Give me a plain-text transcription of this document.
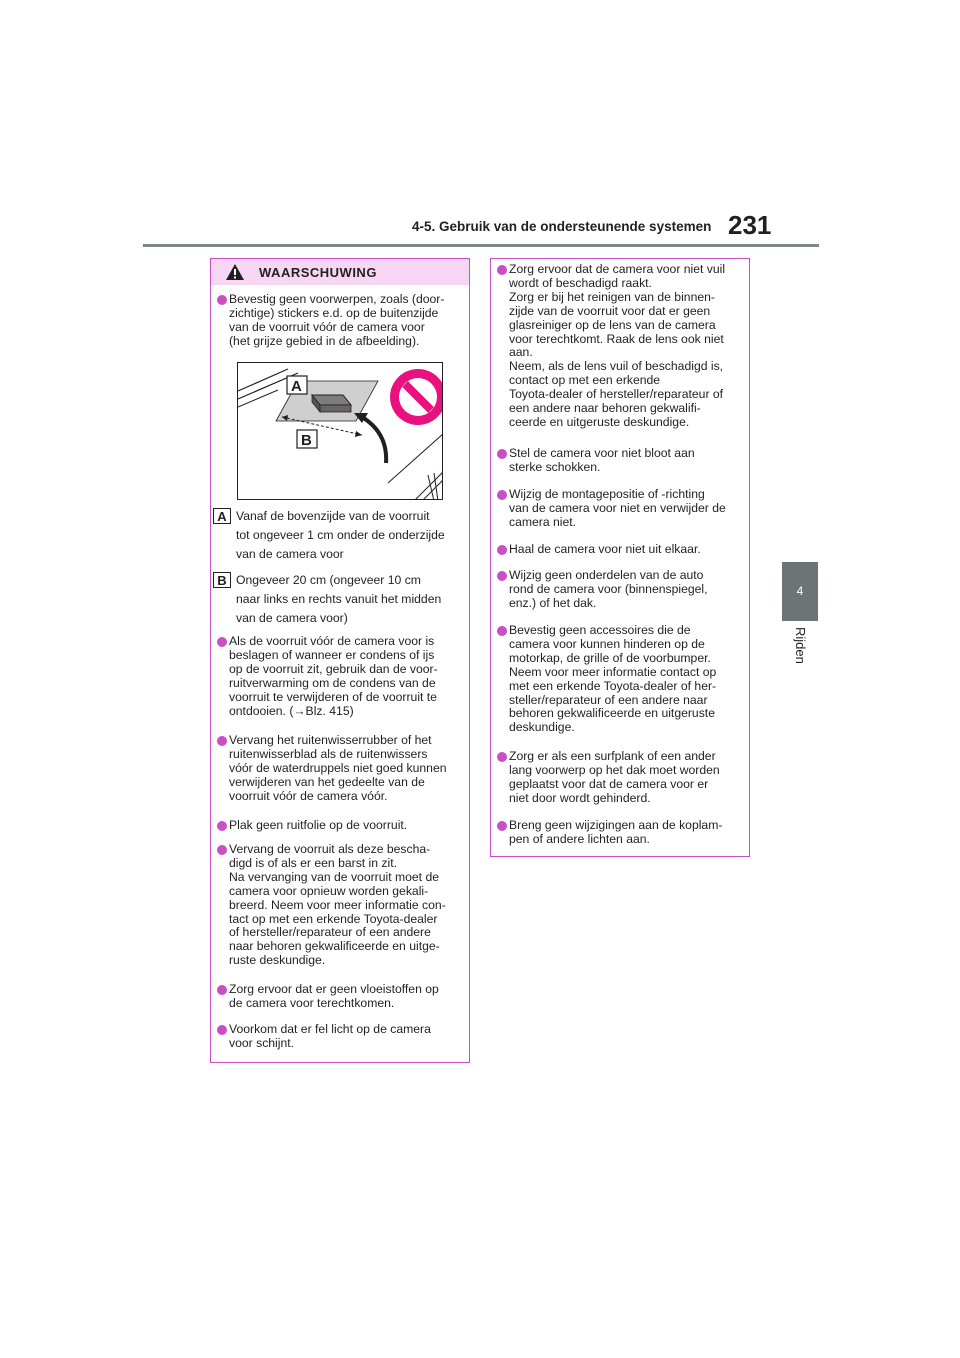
4-5. Gebruik van de ondersteunende systemen 231
4
Rijden
WAARSCHUWING
Bevestig geen voorwerpen, zoals (door-
zichtige) stickers e.d. op de buitenzijde
van de voorruit vóór de camera voor
(het grijze gebied in de afbeelding).
A
B
A Vanaf de bovenzijde van de voorruit
tot ongeveer 1 cm onder de onderzijde
van de camera voor
B Ongeveer 20 cm (ongeveer 10 cm
naar links en rechts vanuit het midden
van de camera voor)
Als de voorruit vóór de camera voor is
beslagen of wanneer er condens of ijs
op de voorruit zit, gebruik dan de voor-
ruitverwarming om de condens van de
voorruit te verwijderen of de voorruit te
ontdooien. (→Blz. 415)
Vervang het ruitenwisserrubber of het
ruitenwisserblad als de ruitenwissers
vóór de waterdruppels niet goed kunnen
verwijderen van het gedeelte van de
voorruit vóór de camera vóór.
Plak geen ruitfolie op de voorruit.
Vervang de voorruit als deze bescha-
digd is of als er een barst in zit.
Na vervanging van de voorruit moet de
camera voor opnieuw worden gekali-
breerd. Neem voor meer informatie con-
tact op met een erkende Toyota-dealer
of hersteller/reparateur of een andere
naar behoren gekwalificeerde en uitge-
ruste deskundige.
Zorg ervoor dat er geen vloeistoffen op
de camera voor terechtkomen.
Voorkom dat er fel licht op de camera
voor schijnt.
Zorg ervoor dat de camera voor niet vuil
wordt of beschadigd raakt.
Zorg er bij het reinigen van de binnen-
zijde van de voorruit voor dat er geen
glasreiniger op de lens van de camera
voor terechtkomt. Raak de lens ook niet
aan.
Neem, als de lens vuil of beschadigd is,
contact op met een erkende
Toyota-dealer of hersteller/reparateur of
een andere naar behoren gekwalifi-
ceerde en uitgeruste deskundige.
Stel de camera voor niet bloot aan
sterke schokken.
Wijzig de montagepositie of -richting
van de camera voor niet en verwijder de
camera niet.
Haal de camera voor niet uit elkaar.
Wijzig geen onderdelen van de auto
rond de camera voor (binnenspiegel,
enz.) of het dak.
Bevestig geen accessoires die de
camera voor kunnen hinderen op de
motorkap, de grille of de voorbumper.
Neem voor meer informatie contact op
met een erkende Toyota-dealer of her-
steller/reparateur of een andere naar
behoren gekwalificeerde en uitgeruste
deskundige.
Zorg er als een surfplank of een ander
lang voorwerp op het dak moet worden
geplaatst voor dat de camera voor er
niet door wordt gehinderd.
Breng geen wijzigingen aan de koplam-
pen of andere lichten aan.
